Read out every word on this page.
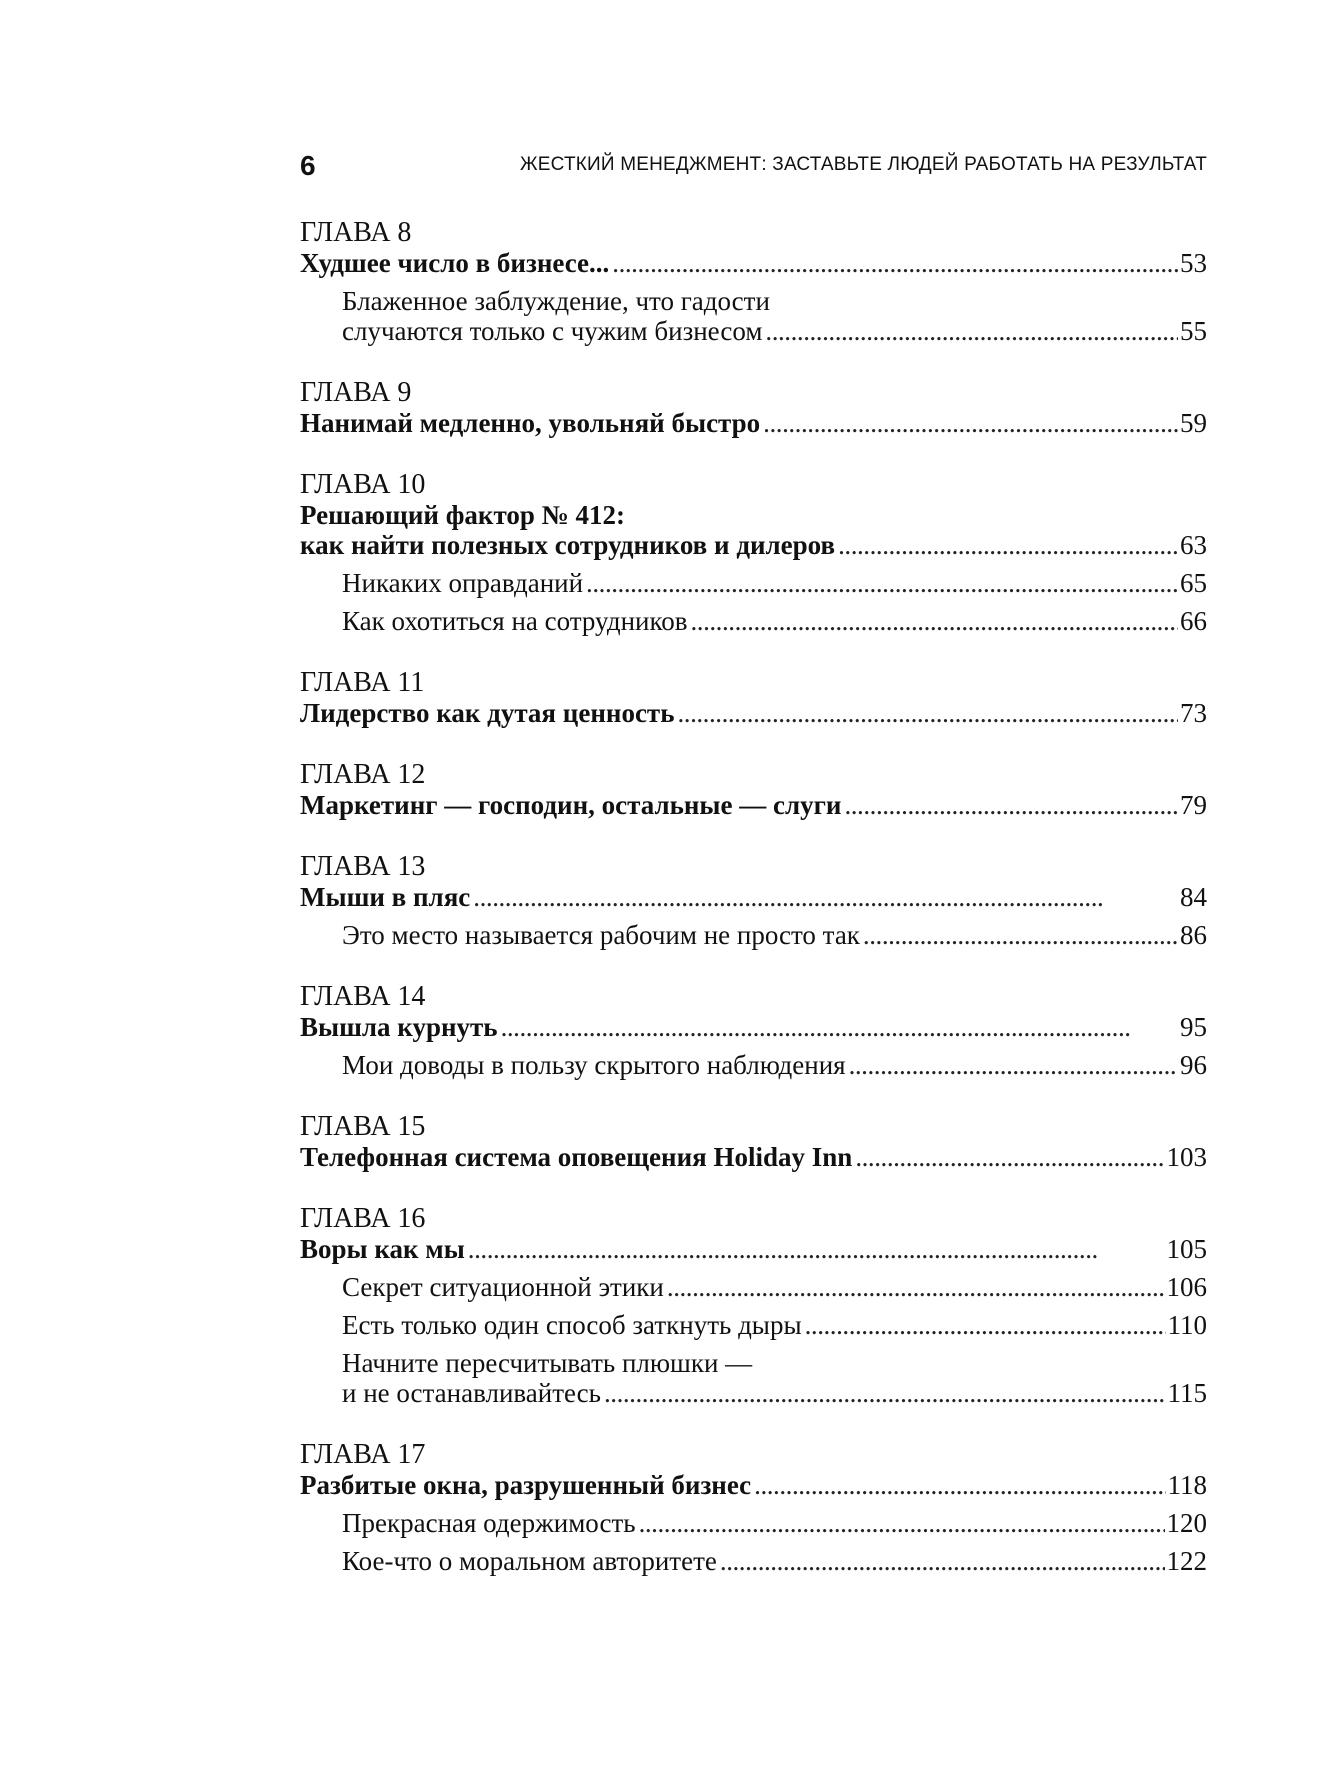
6	ЖЕСТКИЙ МЕНЕДЖМЕНТ: ЗАСТАВЬТЕ ЛЮДЕЙ РАБОТАТЬ НА РЕЗУЛЬТАТ
ГЛАВА 8
Худшее число в бизнесе... . . .	53
Блаженное заблуждение, что гадости
случаются только с чужим бизнесом . . .	55
ГЛАВА 9
Нанимай медленно, увольняй быстро . . .	59
ГЛАВА 10
Решающий фактор № 412:
как найти полезных сотрудников и дилеров . . .	63
Никаких оправданий . . .	65
Как охотиться на сотрудников . . .	66
ГЛАВА 11
Лидерство как дутая ценность . . .	73
ГЛАВА 12
Маркетинг — господин, остальные — слуги . . .	79
ГЛАВА 13
Мыши в пляс . . .	84
Это место называется рабочим не просто так . . .	86
ГЛАВА 14
Вышла курнуть . . .	95
Мои доводы в пользу скрытого наблюдения . . .	96
ГЛАВА 15
Телефонная система оповещения Holiday Inn . . .	103
ГЛАВА 16
Воры как мы . . .	105
Секрет ситуационной этики . . .	106
Есть только один способ заткнуть дыры . . .	110
Начните пересчитывать плюшки —
и не останавливайтесь . . .	115
ГЛАВА 17
Разбитые окна, разрушенный бизнес . . .	118
Прекрасная одержимость . . .	120
Кое-что о моральном авторитете . . .	122
